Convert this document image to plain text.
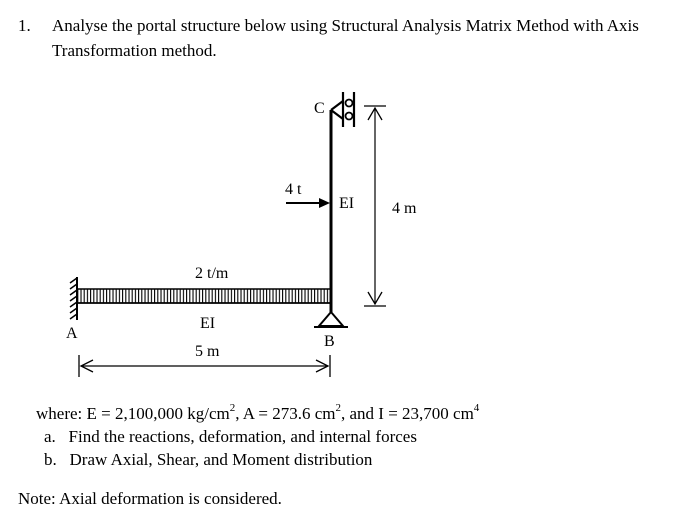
1. Analyse the portal structure below using Structural Analysis Matrix Method with Axis
Transformation method.
C
4 t
EI 4 m
2 t/m
A
EI
B
5 m
where: E = 2,100,000 $kg/cm^2$, A = 273.6 $cm^2$, and I = 23,700 $cm^4$
a. Find the reactions, deformation, and internal forces
b. Draw Axial, Shear, and Moment distribution
Note: Axial deformation is considered.
